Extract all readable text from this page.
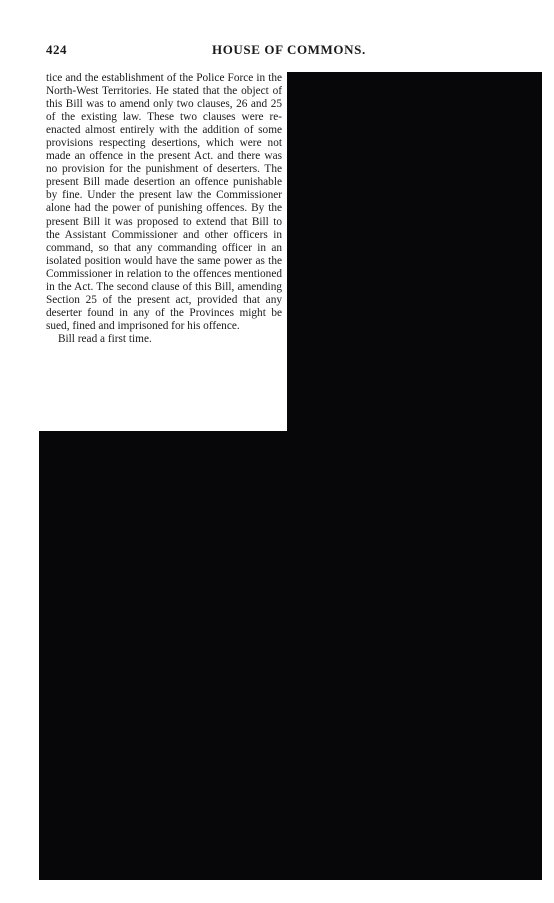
424	HOUSE OF COMMONS.

tice and the establishment of the Police Force in the North-West Territories. He stated that the object of this Bill was to amend only two clauses, 26 and 25 of the existing law. These two clauses were re-enacted almost entirely with the addition of some provisions respecting desertions, which were not made an offence in the present Act. and there was no provision for the punishment of deserters. The present Bill made desertion an offence punishable by fine. Under the present law the Commissioner alone had the power of punishing offences. By the present Bill it was proposed to extend that Bill to the Assistant Commissioner and other officers in command, so that any commanding officer in an isolated position would have the same power as the Commissioner in relation to the offences mentioned in the Act. The second clause of this Bill, amending Section 25 of the present act, provided that any deserter found in any of the Provinces might be sued, fined and imprisoned for his offence.

Bill read a first time.
